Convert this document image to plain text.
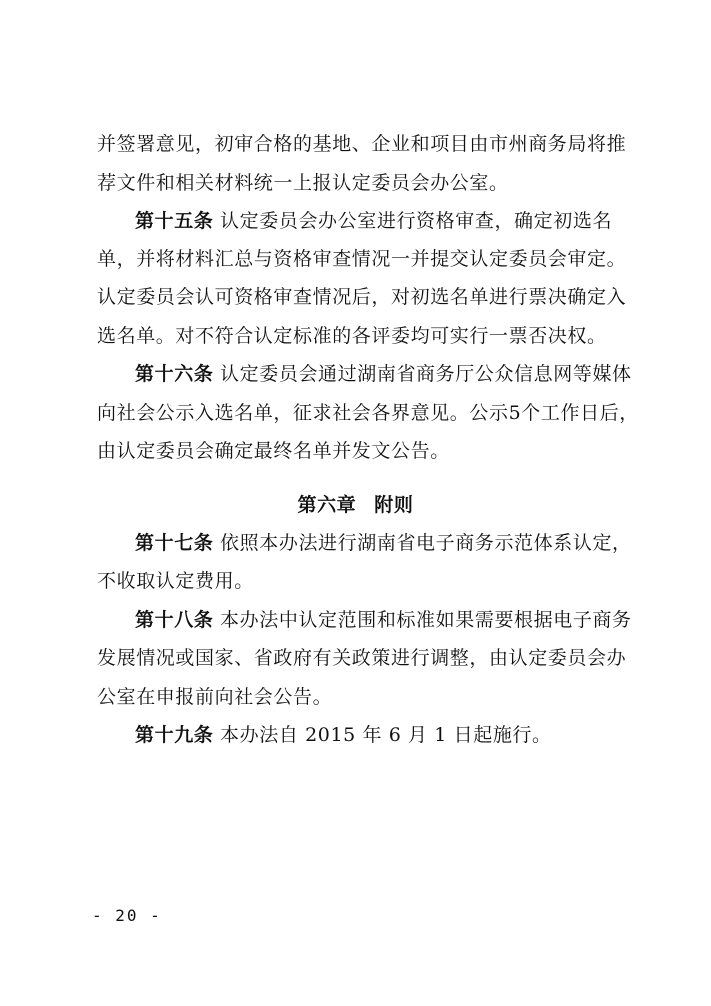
并签署意见，初审合格的基地、企业和项目由市州商务局将推
荐文件和相关材料统一上报认定委员会办公室。
第十五条 认定委员会办公室进行资格审查，确定初选名
单，并将材料汇总与资格审查情况一并提交认定委员会审定。
认定委员会认可资格审查情况后，对初选名单进行票决确定入
选名单。对不符合认定标准的各评委均可实行一票否决权。
第十六条 认定委员会通过湖南省商务厅公众信息网等媒体
向社会公示入选名单，征求社会各界意见。公示5个工作日后，
由认定委员会确定最终名单并发文公告。
第六章 附则
第十七条 依照本办法进行湖南省电子商务示范体系认定，
不收取认定费用。
第十八条 本办法中认定范围和标准如果需要根据电子商务
发展情况或国家、省政府有关政策进行调整，由认定委员会办
公室在申报前向社会公告。
第十九条 本办法自 2015 年 6 月 1 日起施行。
- 20 -
